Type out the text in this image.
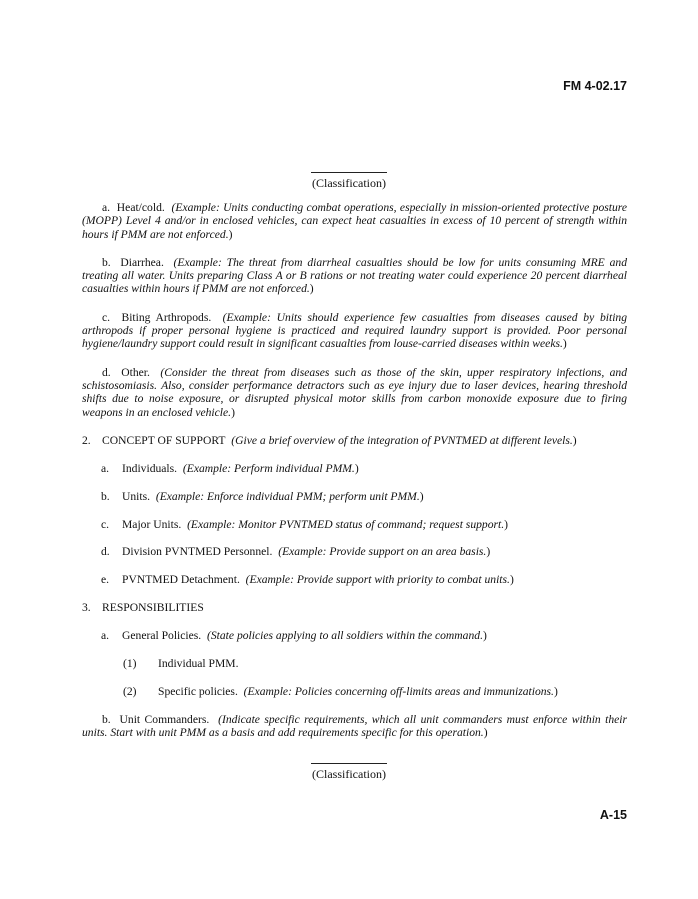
FM 4-02.17
(Classification)

a. Heat/cold. (Example: Units conducting combat operations, especially in mission-oriented protective posture (MOPP) Level 4 and/or in enclosed vehicles, can expect heat casualties in excess of 10 percent of strength within hours if PMM are not enforced.)

b. Diarrhea. (Example: The threat from diarrheal casualties should be low for units consuming MRE and treating all water. Units preparing Class A or B rations or not treating water could experience 20 percent diarrheal casualties within hours if PMM are not enforced.)

c. Biting Arthropods. (Example: Units should experience few casualties from diseases caused by biting arthropods if proper personal hygiene is practiced and required laundry support is provided. Poor personal hygiene/laundry support could result in significant casualties from louse-carried diseases within weeks.)

d. Other. (Consider the threat from diseases such as those of the skin, upper respiratory infections, and schistosomiasis. Also, consider performance detractors such as eye injury due to laser devices, hearing threshold shifts due to noise exposure, or disrupted physical motor skills from carbon monoxide exposure due to firing weapons in an enclosed vehicle.)

2. CONCEPT OF SUPPORT (Give a brief overview of the integration of PVNTMED at different levels.)
a. Individuals. (Example: Perform individual PMM.)
b. Units. (Example: Enforce individual PMM; perform unit PMM.)
c. Major Units. (Example: Monitor PVNTMED status of command; request support.)
d. Division PVNTMED Personnel. (Example: Provide support on an area basis.)
e. PVNTMED Detachment. (Example: Provide support with priority to combat units.)
3. RESPONSIBILITIES
a. General Policies. (State policies applying to all soldiers within the command.)
(1) Individual PMM.
(2) Specific policies. (Example: Policies concerning off-limits areas and immunizations.)

b. Unit Commanders. (Indicate specific requirements, which all unit commanders must enforce within their units. Start with unit PMM as a basis and add requirements specific for this operation.)

(Classification)
A-15
